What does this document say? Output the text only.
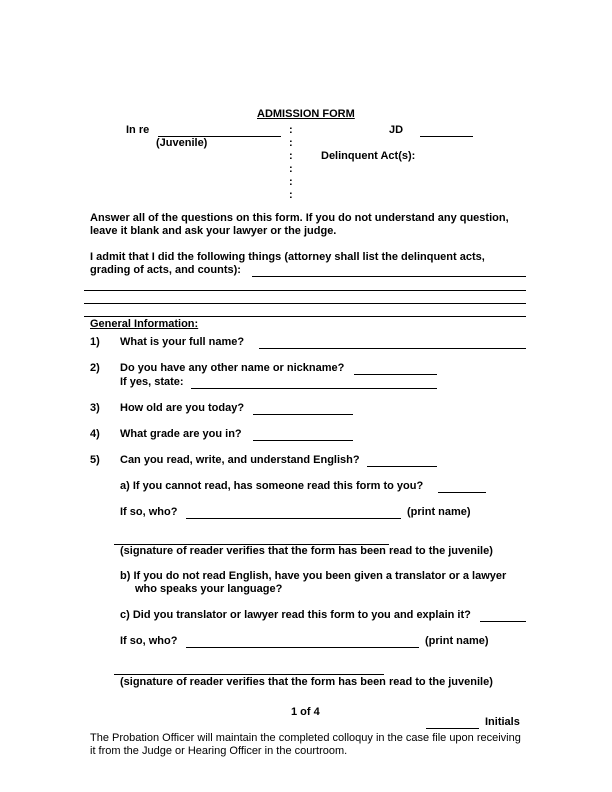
ADMISSION FORM
In re
(Juvenile)
JD
Delinquent Act(s):
:
:
:
:
:
:
Answer all of the questions on this form. If you do not understand any question,
leave it blank and ask your lawyer or the judge.
I admit that I did the following things (attorney shall list the delinquent acts,
grading of acts, and counts):
General Information:
1) What is your full name?
2) Do you have any other name or nickname?
If yes, state:
3) How old are you today?
4) What grade are you in?
5) Can you read, write, and understand English?
a) If you cannot read, has someone read this form to you?
If so, who?	(print name)
(signature of reader verifies that the form has been read to the juvenile)
b) If you do not read English, have you been given a translator or a lawyer
who speaks your language?
c) Did you translator or lawyer read this form to you and explain it?
If so, who?	(print name)
(signature of reader verifies that the form has been read to the juvenile)
1 of 4
Initials
The Probation Officer will maintain the completed colloquy in the case file upon receiving
it from the Judge or Hearing Officer in the courtroom.
